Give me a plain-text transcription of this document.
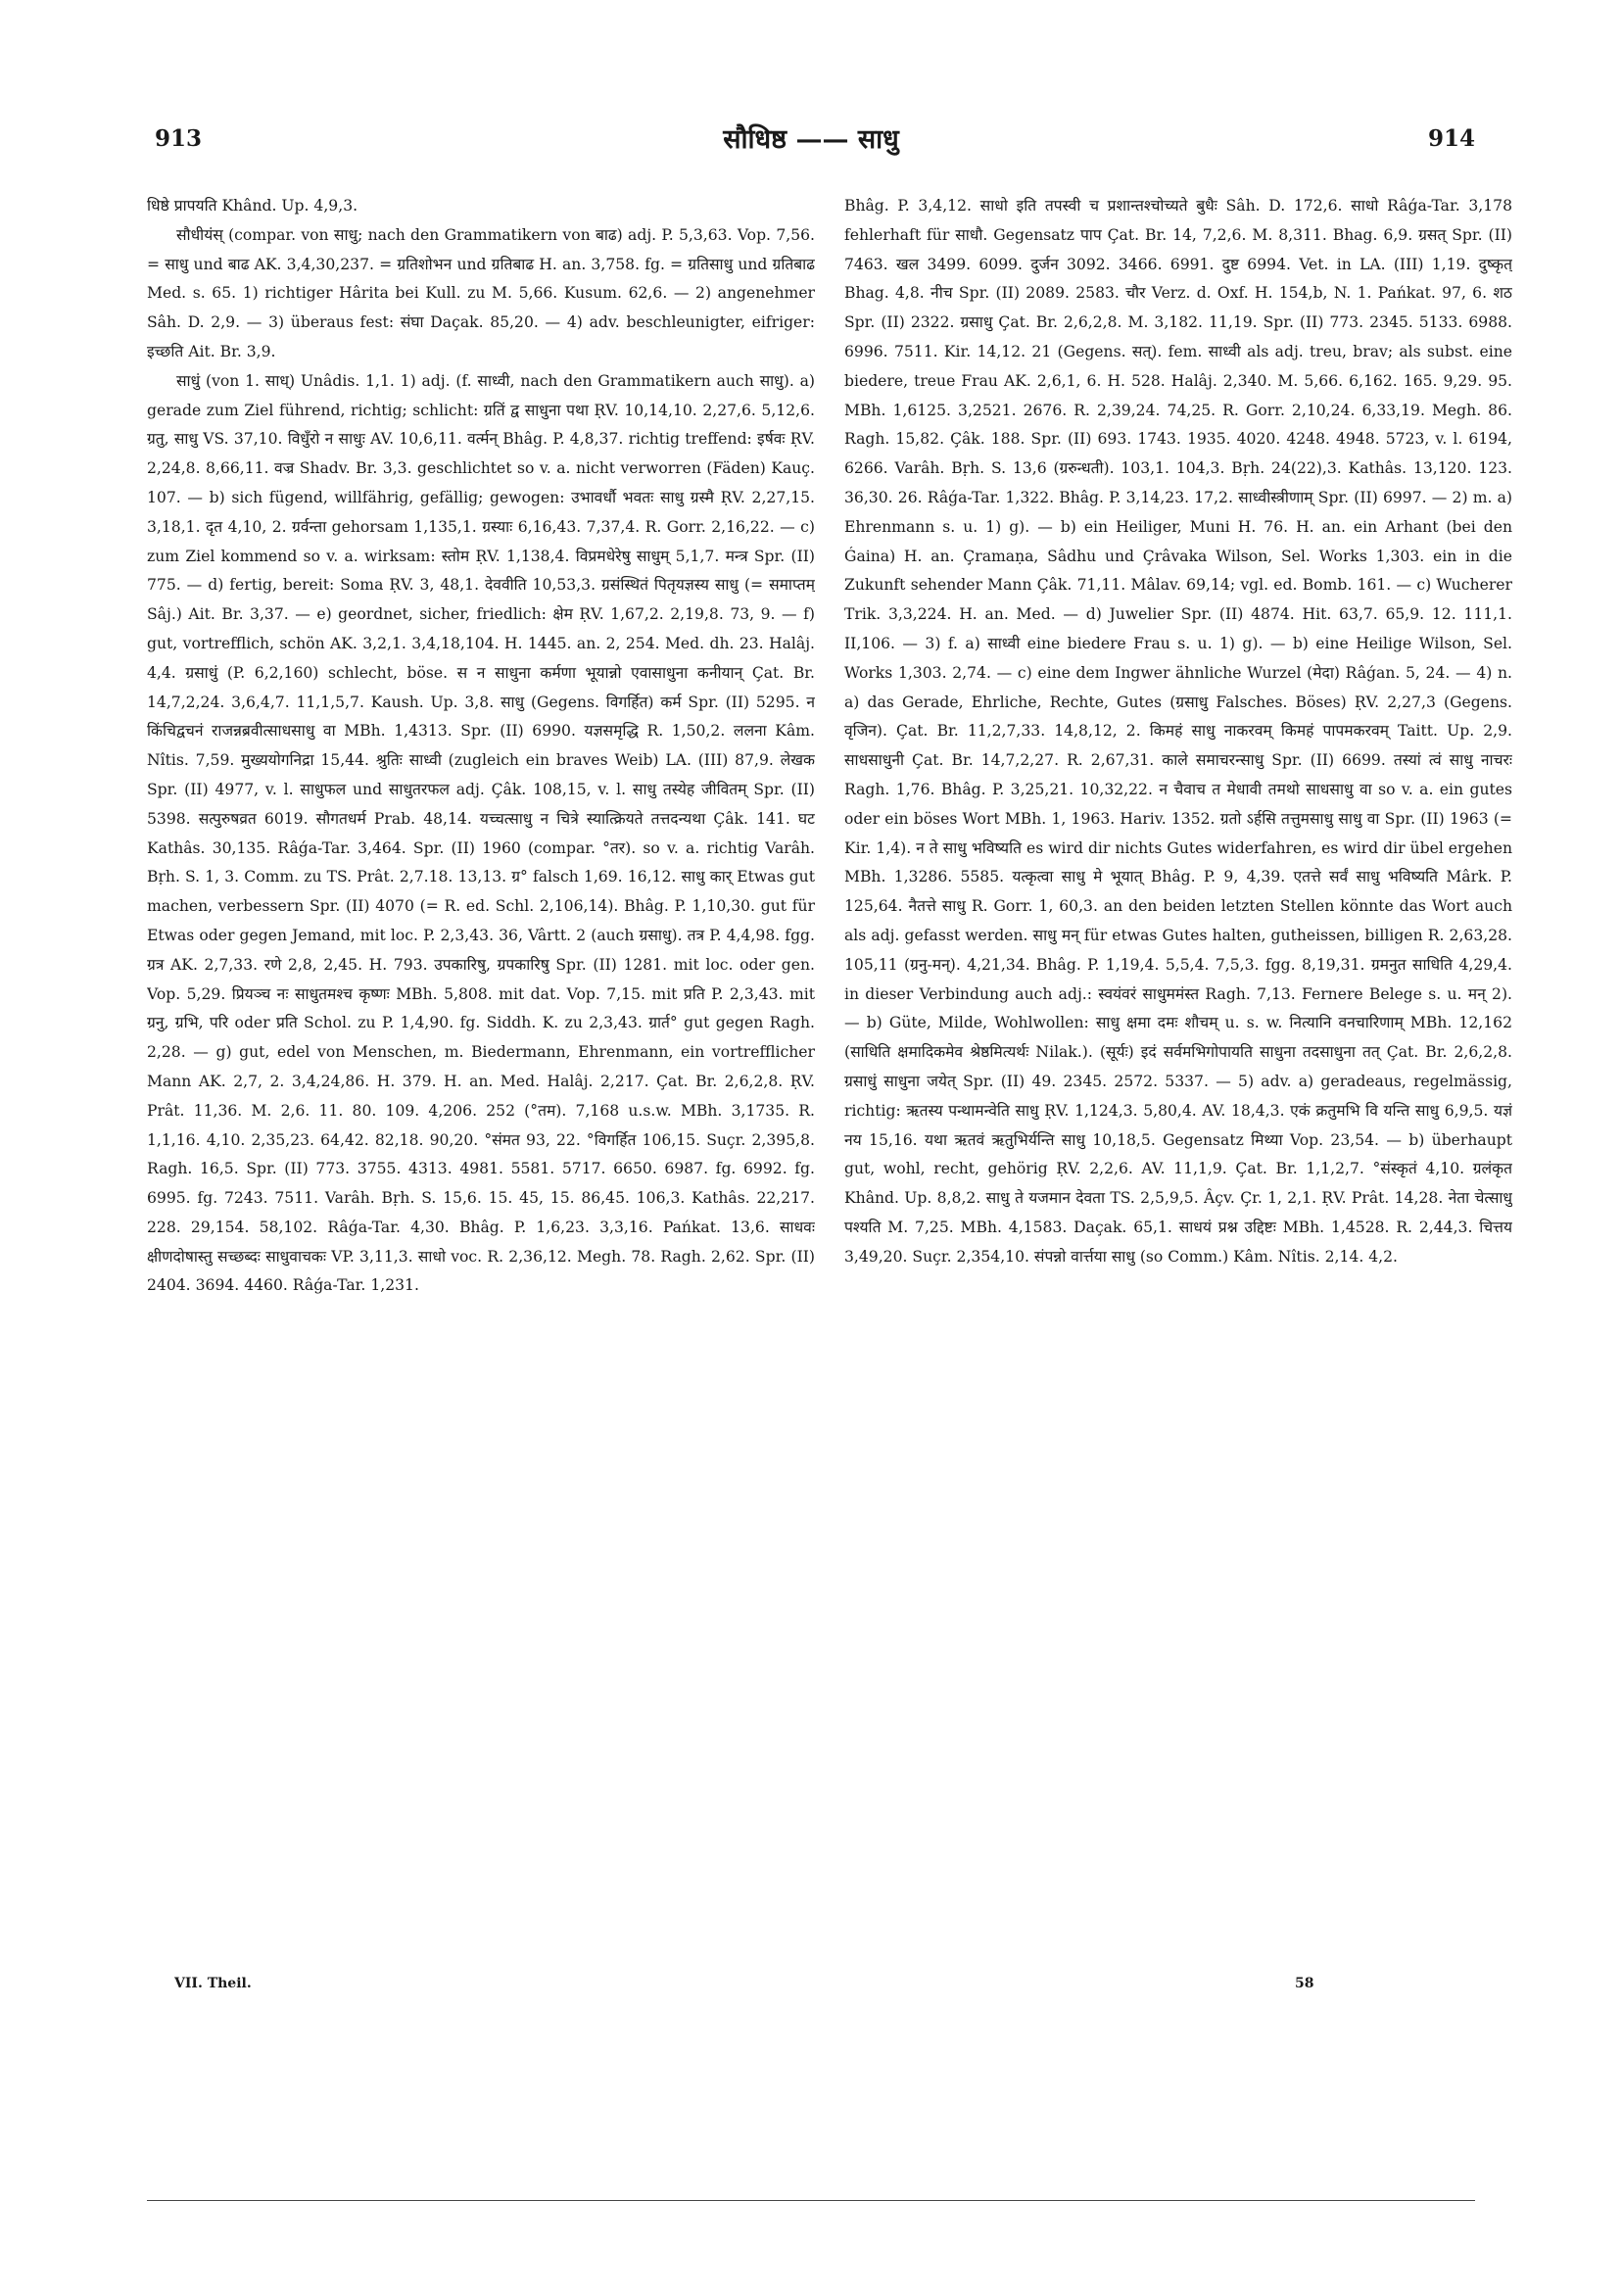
913	सौधिष्ठ —— साधु	914

धिष्ठे प्रापयति Khând. Up. 4,9,3.

सौधीयंस् (compar. von साधु; nach den Grammatikern von बाढ) adj. P. 5,3,63. Vop. 7,56. = साधु und बाढ AK. 3,4,30,237. = ग्रतिशोभन und ग्रतिबाढ H. an. 3,758. fg. = ग्रतिसाधु und ग्रतिबाढ Med. s. 65. 1) richtiger Hârita bei Kull. zu M. 5,66. Kusum. 62,6. — 2) angenehmer Sâh. D. 2,9. — 3) überaus fest: संघा Daçak. 85,20. — 4) adv. beschleunigter, eifriger: इच्छति Ait. Br. 3,9.

साधुं (von 1. साध्) Unâdis. 1,1. 1) adj. (f. साध्वी, nach den Grammatikern auch साधु). a) gerade zum Ziel führend, richtig; schlicht: ग्रतिं द्व साधुना पथा ṚV. 10,14,10. 2,27,6. 5,12,6. ग्रतु, साधु VS. 37,10. विधुँरो न साधुः AV. 10,6,11. वर्त्मन् Bhâg. P. 4,8,37. richtig treffend: इर्षवः ṚV. 2,24,8. 8,66,11. वज्र Shadv. Br. 3,3. geschlichtet so v. a. nicht verworren (Fäden) Kauç. 107. — b) sich fügend, willfährig, gefällig; gewogen: उभावर्धौ भवतः साधु ग्रस्मै ṚV. 2,27,15. 3,18,1. दृत 4,10, 2. ग्रर्वन्ता gehorsam 1,135,1. ग्रस्याः 6,16,43. 7,37,4. R. Gorr. 2,16,22. — c) zum Ziel kommend so v. a. wirksam: स्तोम ṚV. 1,138,4. विप्रमधेरेषु साधुम् 5,1,7. मन्त्र Spr. (II) 775. — d) fertig, bereit: Soma ṚV. 3, 48,1. देववीति 10,53,3. ग्रसंस्थितं पितृयज्ञस्य साधु (= समाप्तम् Sâj.) Ait. Br. 3,37. — e) geordnet, sicher, friedlich: क्षेम ṚV. 1,67,2. 2,19,8. 73, 9. — f) gut, vortrefflich, schön AK. 3,2,1. 3,4,18,104. H. 1445. an. 2, 254. Med. dh. 23. Halâj. 4,4. ग्रसाधुं (P. 6,2,160) schlecht, böse. स न साधुना कर्मणा भूयान्नो एवासाधुना कनीयान् Çat. Br. 14,7,2,24. 3,6,4,7. 11,1,5,7. Kaush. Up. 3,8. साधु (Gegens. विगर्हित) कर्म Spr. (II) 5295. न किंचिद्वचनं राजन्नब्रवीत्साधसाधु वा MBh. 1,4313. Spr. (II) 6990. यज्ञसमृद्धि R. 1,50,2. ललना Kâm. Nîtis. 7,59. मुख्ययोगनिद्रा 15,44. श्रुतिः साध्वी (zugleich ein braves Weib) LA. (III) 87,9. लेखक Spr. (II) 4977, v. l. साधुफल und साधुतरफल adj. Çâk. 108,15, v. l. साधु तस्येह जीवितम् Spr. (II) 5398. सत्पुरुषव्रत 6019. सौगतधर्म Prab. 48,14. यच्चत्साधु न चित्रे स्यात्क्रियते तत्तदन्यथा Çâk. 141. घट Kathâs. 30,135. Râǵa-Tar. 3,464. Spr. (II) 1960 (compar. °तर). so v. a. richtig Varâh. Bṛh. S. 1, 3. Comm. zu TS. Prât. 2,7.18. 13,13. ग्र° falsch 1,69. 16,12. साधु कार् Etwas gut machen, verbessern Spr. (II) 4070 (= R. ed. Schl. 2,106,14). Bhâg. P. 1,10,30. gut für Etwas oder gegen Jemand, mit loc. P. 2,3,43. 36, Vârtt. 2 (auch ग्रसाधु). तत्र P. 4,4,98. fgg. ग्रत्र AK. 2,7,33. रणे 2,8, 2,45. H. 793. उपकारिषु, ग्रपकारिषु Spr. (II) 1281. mit loc. oder gen. Vop. 5,29. प्रियञ्च नः साधुतमश्च कृष्णः MBh. 5,808. mit dat. Vop. 7,15. mit प्रति P. 2,3,43. mit ग्रनु, ग्रभि, परि oder प्रति Schol. zu P. 1,4,90. fg. Siddh. K. zu 2,3,43. ग्रार्त° gut gegen Ragh. 2,28. — g) gut, edel von Menschen, m. Biedermann, Ehrenmann, ein vortrefflicher Mann AK. 2,7, 2. 3,4,24,86. H. 379. H. an. Med. Halâj. 2,217. Çat. Br. 2,6,2,8. ṚV. Prât. 11,36. M. 2,6. 11. 80. 109. 4,206. 252 (°तम). 7,168 u.s.w. MBh. 3,1735. R. 1,1,16. 4,10. 2,35,23. 64,42. 82,18. 90,20. °संमत 93, 22. °विगर्हित 106,15. Suçr. 2,395,8. Ragh. 16,5. Spr. (II) 773. 3755. 4313. 4981. 5581. 5717. 6650. 6987. fg. 6992. fg. 6995. fg. 7243. 7511. Varâh. Bṛh. S. 15,6. 15. 45, 15. 86,45. 106,3. Kathâs. 22,217. 228. 29,154. 58,102. Râǵa-Tar. 4,30. Bhâg. P. 1,6,23. 3,3,16. Pańkat. 13,6. साधवः क्षीणदोषास्तु सच्छब्दः साधुवाचकः VP. 3,11,3. साधो voc. R. 2,36,12. Megh. 78. Ragh. 2,62. Spr. (II) 2404. 3694. 4460. Râǵa-Tar. 1,231.

Bhâg. P. 3,4,12. साधो इति तपस्वी च प्रशान्तश्चोच्यते बुधैः Sâh. D. 172,6. साधो Râǵa-Tar. 3,178 fehlerhaft für साधौ. Gegensatz पाप Çat. Br. 14, 7,2,6. M. 8,311. Bhag. 6,9. ग्रसत् Spr. (II) 7463. खल 3499. 6099. दुर्जन 3092. 3466. 6991. दुष्ट 6994. Vet. in LA. (III) 1,19. दुष्कृत् Bhag. 4,8. नीच Spr. (II) 2089. 2583. चौर Verz. d. Oxf. H. 154,b, N. 1. Pańkat. 97, 6. शठ Spr. (II) 2322. ग्रसाधु Çat. Br. 2,6,2,8. M. 3,182. 11,19. Spr. (II) 773. 2345. 5133. 6988. 6996. 7511. Kir. 14,12. 21 (Gegens. सत्). fem. साध्वी als adj. treu, brav; als subst. eine biedere, treue Frau AK. 2,6,1, 6. H. 528. Halâj. 2,340. M. 5,66. 6,162. 165. 9,29. 95. MBh. 1,6125. 3,2521. 2676. R. 2,39,24. 74,25. R. Gorr. 2,10,24. 6,33,19. Megh. 86. Ragh. 15,82. Çâk. 188. Spr. (II) 693. 1743. 1935. 4020. 4248. 4948. 5723, v. l. 6194, 6266. Varâh. Bṛh. S. 13,6 (ग्ररुन्धती). 103,1. 104,3. Bṛh. 24(22),3. Kathâs. 13,120. 123. 36,30. 26. Râǵa-Tar. 1,322. Bhâg. P. 3,14,23. 17,2. साध्वीस्त्रीणाम् Spr. (II) 6997. — 2) m. a) Ehrenmann s. u. 1) g). — b) ein Heiliger, Muni H. 76. H. an. ein Arhant (bei den Ǵaina) H. an. Çramaṇa, Sâdhu und Çrâvaka Wilson, Sel. Works 1,303. ein in die Zukunft sehender Mann Çâk. 71,11. Mâlav. 69,14; vgl. ed. Bomb. 161. — c) Wucherer Trik. 3,3,224. H. an. Med. — d) Juwelier Spr. (II) 4874. Hit. 63,7. 65,9. 12. 111,1. II,106. — 3) f. a) साध्वी eine biedere Frau s. u. 1) g). — b) eine Heilige Wilson, Sel. Works 1,303. 2,74. — c) eine dem Ingwer ähnliche Wurzel (मेदा) Râǵan. 5, 24. — 4) n. a) das Gerade, Ehrliche, Rechte, Gutes (ग्रसाधु Falsches. Böses) ṚV. 2,27,3 (Gegens. वृजिन). Çat. Br. 11,2,7,33. 14,8,12, 2. किमहं साधु नाकरवम् किमहं पापमकरवम् Taitt. Up. 2,9. साधसाधुनी Çat. Br. 14,7,2,27. R. 2,67,31. काले समाचरन्साधु Spr. (II) 6699. तस्यां त्वं साधु नाचरः Ragh. 1,76. Bhâg. P. 3,25,21. 10,32,22. न चैवाच त मेधावी तमथो साधसाधु वा so v. a. ein gutes oder ein böses Wort MBh. 1, 1963. Hariv. 1352. ग्रतो ऽर्हसि तत्तुमसाधु साधु वा Spr. (II) 1963 (= Kir. 1,4). न ते साधु भविष्यति es wird dir nichts Gutes widerfahren, es wird dir übel ergehen MBh. 1,3286. 5585. यत्कृत्वा साधु मे भूयात् Bhâg. P. 9, 4,39. एतत्ते सर्वं साधु भविष्यति Mârk. P. 125,64. नैतत्ते साधु R. Gorr. 1, 60,3. an den beiden letzten Stellen könnte das Wort auch als adj. gefasst werden. साधु मन् für etwas Gutes halten, gutheissen, billigen R. 2,63,28. 105,11 (ग्रनु-मन्). 4,21,34. Bhâg. P. 1,19,4. 5,5,4. 7,5,3. fgg. 8,19,31. ग्रमनुत साधिति 4,29,4. in dieser Verbindung auch adj.: स्वयंवरं साधुममंस्त Ragh. 7,13. Fernere Belege s. u. मन् 2). — b) Güte, Milde, Wohlwollen: साधु क्षमा दमः शौचम् u. s. w. नित्यानि वनचारिणाम् MBh. 12,162 (साधिति क्षमादिकमेव श्रेष्ठमित्यर्थः Nilak.). (सूर्यः) इदं सर्वमभिगोपायति साधुना तदसाधुना तत् Çat. Br. 2,6,2,8. ग्रसाधुं साधुना जयेत् Spr. (II) 49. 2345. 2572. 5337. — 5) adv. a) geradeaus, regelmässig, richtig: ऋतस्य पन्थामन्वेति साधु ṚV. 1,124,3. 5,80,4. AV. 18,4,3. एकं क्रतुमभि वि यन्ति साधु 6,9,5. यज्ञं नय 15,16. यथा ऋतवं ऋतुभिर्यन्ति साधु 10,18,5. Gegensatz मिथ्या Vop. 23,54. — b) überhaupt gut, wohl, recht, gehörig ṚV. 2,2,6. AV. 11,1,9. Çat. Br. 1,1,2,7. °संस्कृतं 4,10. ग्रलंकृत Khând. Up. 8,8,2. साधु ते यजमान देवता TS. 2,5,9,5. Âçv. Çr. 1, 2,1. ṚV. Prât. 14,28. नेता चेत्साधु पश्यति M. 7,25. MBh. 4,1583. Daçak. 65,1. साधयं प्रश्न उद्दिष्टः MBh. 1,4528. R. 2,44,3. चित्तय 3,49,20. Suçr. 2,354,10. संपन्नो वार्त्तया साधु (so Comm.) Kâm. Nîtis. 2,14. 4,2.

VII. Theil.	58
